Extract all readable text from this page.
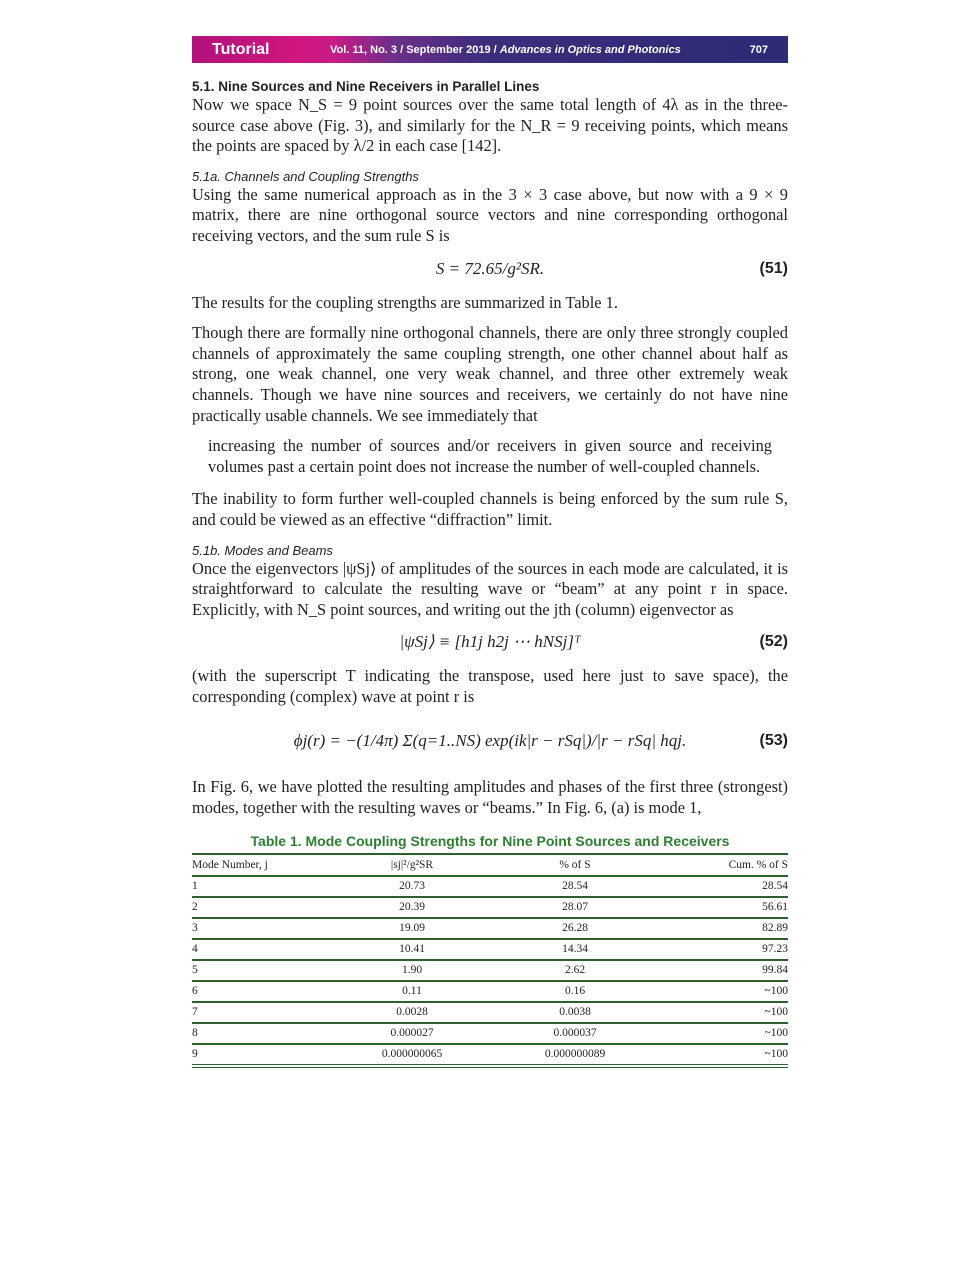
Tutorial	Vol. 11, No. 3 / September 2019 / Advances in Optics and Photonics	707
5.1. Nine Sources and Nine Receivers in Parallel Lines

Now we space N_S = 9 point sources over the same total length of 4λ as in the three-source case above (Fig. 3), and similarly for the N_R = 9 receiving points, which means the points are spaced by λ/2 in each case [142].

5.1a. Channels and Coupling Strengths

Using the same numerical approach as in the 3 × 3 case above, but now with a 9 × 9 matrix, there are nine orthogonal source vectors and nine corresponding orthogonal receiving vectors, and the sum rule S is

S = 72.65/g²SR.	(51)

The results for the coupling strengths are summarized in Table 1.

Though there are formally nine orthogonal channels, there are only three strongly coupled channels of approximately the same coupling strength, one other channel about half as strong, one weak channel, one very weak channel, and three other extremely weak channels. Though we have nine sources and receivers, we certainly do not have nine practically usable channels. We see immediately that

increasing the number of sources and/or receivers in given source and receiving volumes past a certain point does not increase the number of well-coupled channels.

The inability to form further well-coupled channels is being enforced by the sum rule S, and could be viewed as an effective “diffraction” limit.

5.1b. Modes and Beams

Once the eigenvectors |ψSj⟩ of amplitudes of the sources in each mode are calculated, it is straightforward to calculate the resulting wave or “beam” at any point r in space. Explicitly, with N_S point sources, and writing out the jth (column) eigenvector as

|ψSj⟩ ≡ [h1j h2j ⋯ hNSj]ᵀ	(52)

(with the superscript T indicating the transpose, used here just to save space), the corresponding (complex) wave at point r is

ϕj(r) = −(1/4π) Σ(q=1..NS) exp(ik|r − rSq|)/|r − rSq| hqj.	(53)

In Fig. 6, we have plotted the resulting amplitudes and phases of the first three (strongest) modes, together with the resulting waves or “beams.” In Fig. 6, (a) is mode 1,

Table 1. Mode Coupling Strengths for Nine Point Sources and Receivers
Mode Number, j	|sj|²/g²SR	% of S	Cum. % of S
1	20.73	28.54	28.54
2	20.39	28.07	56.61
3	19.09	26.28	82.89
4	10.41	14.34	97.23
5	1.90	2.62	99.84
6	0.11	0.16	~100
7	0.0028	0.0038	~100
8	0.000027	0.000037	~100
9	0.000000065	0.000000089	~100
